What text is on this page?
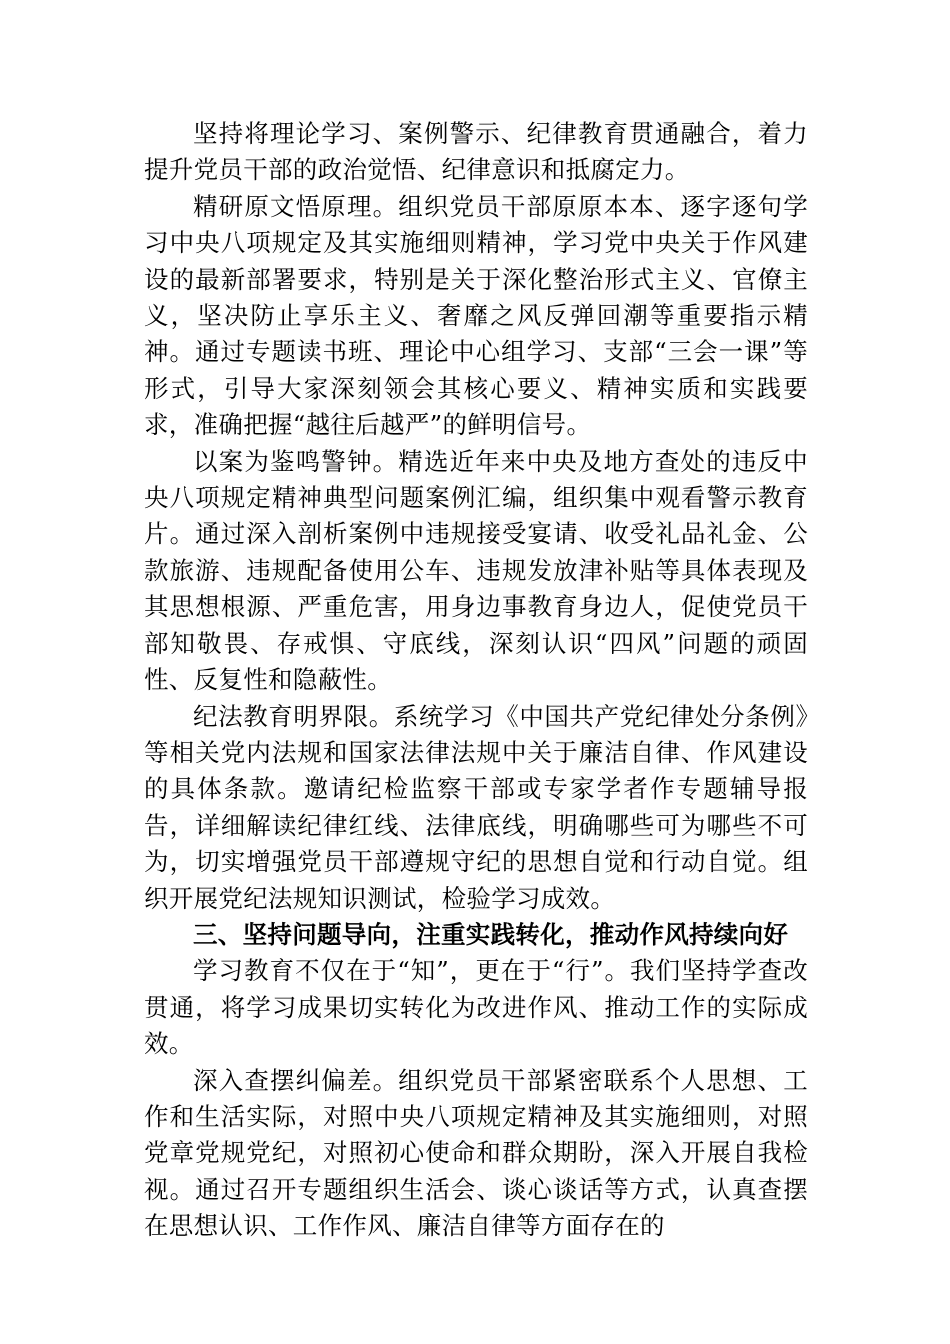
坚持将理论学习、案例警示、纪律教育贯通融合，着力提升党员干部的政治觉悟、纪律意识和抵腐定力。

精研原文悟原理。组织党员干部原原本本、逐字逐句学习中央八项规定及其实施细则精神，学习党中央关于作风建设的最新部署要求，特别是关于深化整治形式主义、官僚主义，坚决防止享乐主义、奢靡之风反弹回潮等重要指示精神。通过专题读书班、理论中心组学习、支部“三会一课”等形式，引导大家深刻领会其核心要义、精神实质和实践要求，准确把握“越往后越严”的鲜明信号。

以案为鉴鸣警钟。精选近年来中央及地方查处的违反中央八项规定精神典型问题案例汇编，组织集中观看警示教育片。通过深入剖析案例中违规接受宴请、收受礼品礼金、公款旅游、违规配备使用公车、违规发放津补贴等具体表现及其思想根源、严重危害，用身边事教育身边人，促使党员干部知敬畏、存戒惧、守底线，深刻认识“四风”问题的顽固性、反复性和隐蔽性。

纪法教育明界限。系统学习《中国共产党纪律处分条例》等相关党内法规和国家法律法规中关于廉洁自律、作风建设的具体条款。邀请纪检监察干部或专家学者作专题辅导报告，详细解读纪律红线、法律底线，明确哪些可为哪些不可为，切实增强党员干部遵规守纪的思想自觉和行动自觉。组织开展党纪法规知识测试，检验学习成效。

三、坚持问题导向，注重实践转化，推动作风持续向好

学习教育不仅在于“知”，更在于“行”。我们坚持学查改贯通，将学习成果切实转化为改进作风、推动工作的实际成效。

深入查摆纠偏差。组织党员干部紧密联系个人思想、工作和生活实际，对照中央八项规定精神及其实施细则，对照党章党规党纪，对照初心使命和群众期盼，深入开展自我检视。通过召开专题组织生活会、谈心谈话等方式，认真查摆在思想认识、工作作风、廉洁自律等方面存在的
